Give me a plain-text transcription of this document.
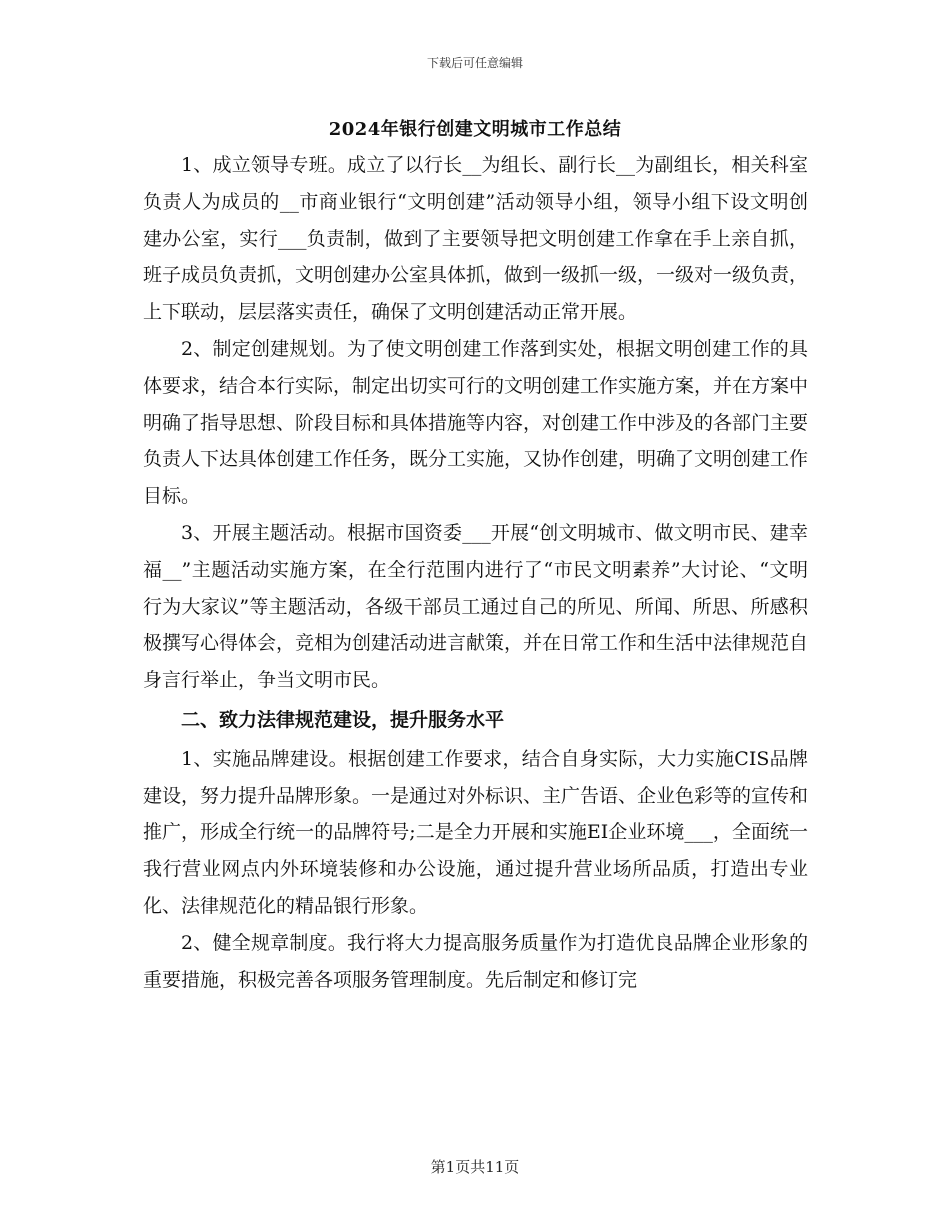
下载后可任意编辑
2024年银行创建文明城市工作总结

1、成立领导专班。成立了以行长__为组长、副行长__为副组长，相关科室负责人为成员的__市商业银行“文明创建”活动领导小组，领导小组下设文明创建办公室，实行___负责制，做到了主要领导把文明创建工作拿在手上亲自抓，班子成员负责抓，文明创建办公室具体抓，做到一级抓一级，一级对一级负责，上下联动，层层落实责任，确保了文明创建活动正常开展。

2、制定创建规划。为了使文明创建工作落到实处，根据文明创建工作的具体要求，结合本行实际，制定出切实可行的文明创建工作实施方案，并在方案中明确了指导思想、阶段目标和具体措施等内容，对创建工作中涉及的各部门主要负责人下达具体创建工作任务，既分工实施，又协作创建，明确了文明创建工作目标。

3、开展主题活动。根据市国资委___开展“创文明城市、做文明市民、建幸福__”主题活动实施方案，在全行范围内进行了“市民文明素养”大讨论、“文明行为大家议”等主题活动，各级干部员工通过自己的所见、所闻、所思、所感积极撰写心得体会，竞相为创建活动进言献策，并在日常工作和生活中法律规范自身言行举止，争当文明市民。

二、致力法律规范建设，提升服务水平

1、实施品牌建设。根据创建工作要求，结合自身实际，大力实施CIS品牌建设，努力提升品牌形象。一是通过对外标识、主广告语、企业色彩等的宣传和推广，形成全行统一的品牌符号;二是全力开展和实施EI企业环境___，全面统一我行营业网点内外环境装修和办公设施，通过提升营业场所品质，打造出专业化、法律规范化的精品银行形象。

2、健全规章制度。我行将大力提高服务质量作为打造优良品牌企业形象的重要措施，积极完善各项服务管理制度。先后制定和修订完

第1页共11页
